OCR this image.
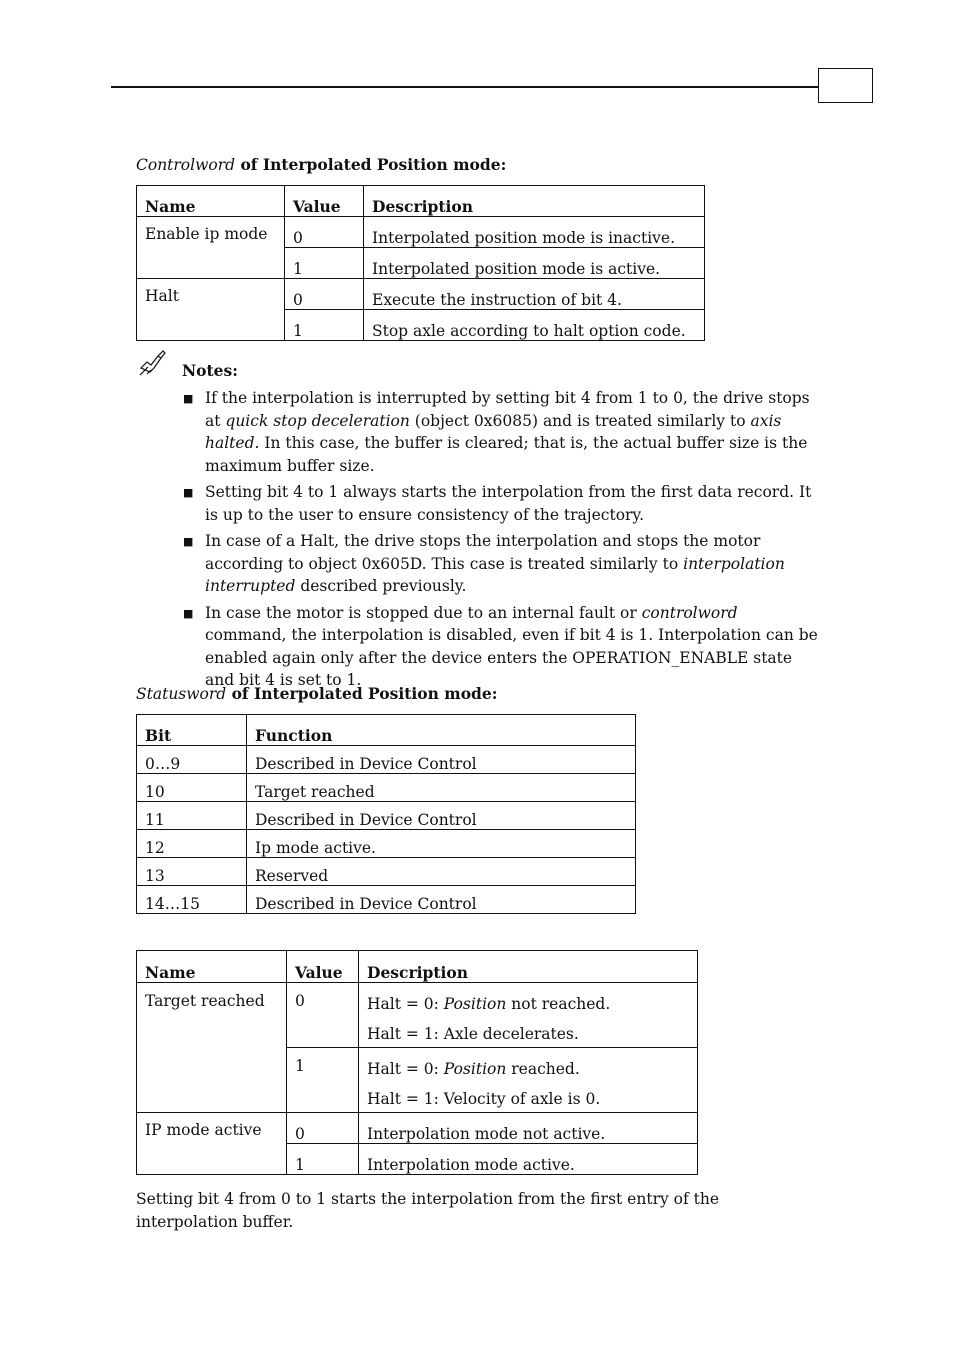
Controlword of Interpolated Position mode:
Name	Value	Description
Enable ip mode	0	Interpolated position mode is inactive.
	1	Interpolated position mode is active.
Halt	0	Execute the instruction of bit 4.
	1	Stop axle according to halt option code.
Notes:
■ If the interpolation is interrupted by setting bit 4 from 1 to 0, the drive stops at quick stop deceleration (object 0x6085) and is treated similarly to axis halted. In this case, the buffer is cleared; that is, the actual buffer size is the maximum buffer size.
■ Setting bit 4 to 1 always starts the interpolation from the first data record. It is up to the user to ensure consistency of the trajectory.
■ In case of a Halt, the drive stops the interpolation and stops the motor according to object 0x605D. This case is treated similarly to interpolation interrupted described previously.
■ In case the motor is stopped due to an internal fault or controlword command, the interpolation is disabled, even if bit 4 is 1. Interpolation can be enabled again only after the device enters the OPERATION_ENABLE state and bit 4 is set to 1.
Statusword of Interpolated Position mode:
Bit	Function
0…9	Described in Device Control
10	Target reached
11	Described in Device Control
12	Ip mode active.
13	Reserved
14…15	Described in Device Control
Name	Value	Description
Target reached	0	Halt = 0: Position not reached.
Halt = 1: Axle decelerates.

	1	Halt = 0: Position reached.
Halt = 1: Velocity of axle is 0.

IP mode active	0	Interpolation mode not active.
	1	Interpolation mode active.
Setting bit 4 from 0 to 1 starts the interpolation from the first entry of the interpolation buffer.
